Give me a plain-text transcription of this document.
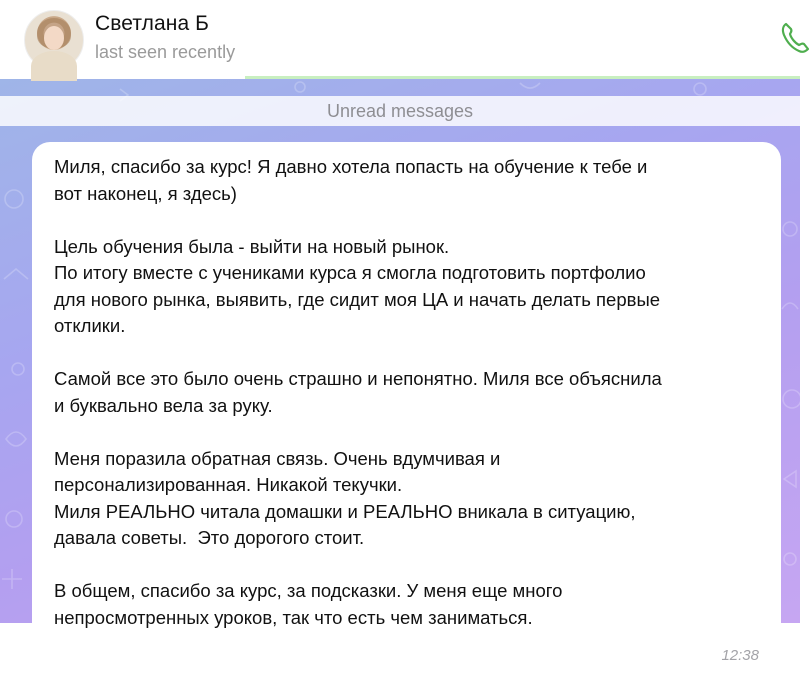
Светлана Б
last seen recently
Unread messages

Миля, спасибо за курс! Я давно хотела попасть на обучение к тебе и
вот наконец, я здесь)

Цель обучения была - выйти на новый рынок.
По итогу вместе с учениками курса я смогла подготовить портфолио
для нового рынка, выявить, где сидит моя ЦА и начать делать первые
отклики.

Самой все это было очень страшно и непонятно. Миля все объяснила
и буквально вела за руку.

Меня поразила обратная связь. Очень вдумчивая и
персонализированная. Никакой текучки.
Миля РЕАЛЬНО читала домашки и РЕАЛЬНО вникала в ситуацию,
давала советы.  Это дорогого стоит.

В общем, спасибо за курс, за подсказки. У меня еще много
непросмотренных уроков, так что есть чем заниматься.

12:38
